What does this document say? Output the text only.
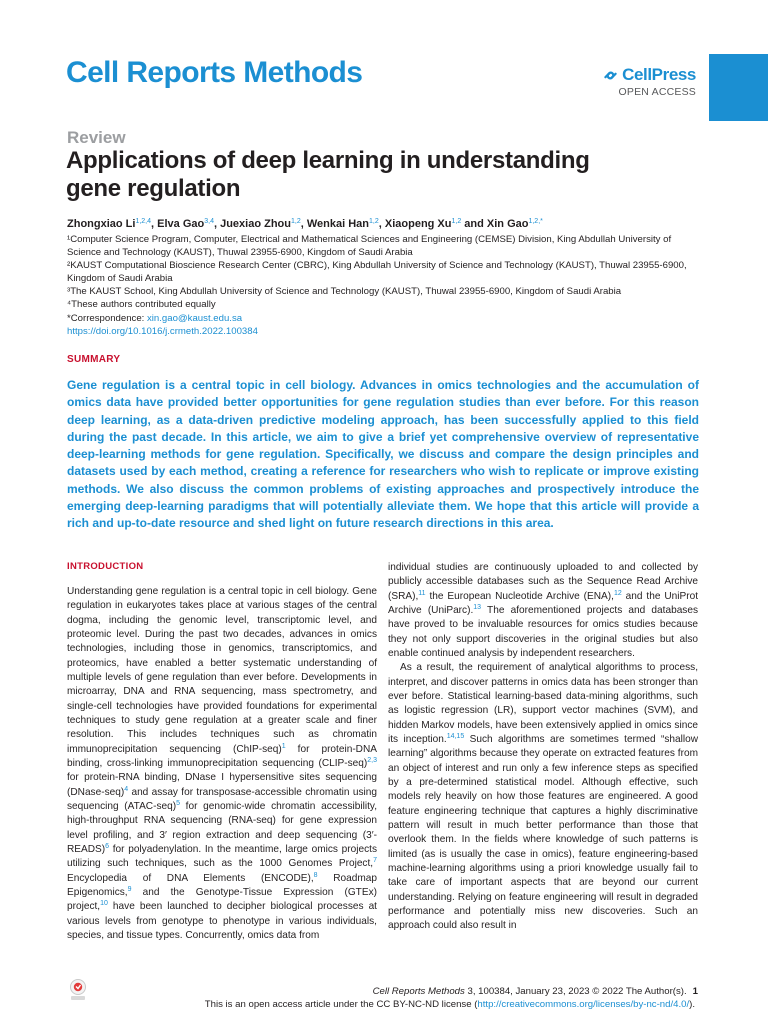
Cell Reports Methods	CellPress
OPEN ACCESS
Review
Applications of deep learning in understanding gene regulation
Zhongxiao Li$^{1,2,4}$, Elva Gao$^{3,4}$, Juexiao Zhou$^{1,2}$, Wenkai Han$^{1,2}$, Xiaopeng Xu$^{1,2}$ and Xin Gao$^{1,2,*}$
¹Computer Science Program, Computer, Electrical and Mathematical Sciences and Engineering (CEMSE) Division, King Abdullah University of Science and Technology (KAUST), Thuwal 23955-6900, Kingdom of Saudi Arabia
²KAUST Computational Bioscience Research Center (CBRC), King Abdullah University of Science and Technology (KAUST), Thuwal 23955-6900, Kingdom of Saudi Arabia
³The KAUST School, King Abdullah University of Science and Technology (KAUST), Thuwal 23955-6900, Kingdom of Saudi Arabia
⁴These authors contributed equally
*Correspondence: xin.gao@kaust.edu.sa
https://doi.org/10.1016/j.crmeth.2022.100384
SUMMARY
Gene regulation is a central topic in cell biology. Advances in omics technologies and the accumulation of omics data have provided better opportunities for gene regulation studies than ever before. For this reason deep learning, as a data-driven predictive modeling approach, has been successfully applied to this field during the past decade. In this article, we aim to give a brief yet comprehensive overview of representative deep-learning methods for gene regulation. Specifically, we discuss and compare the design principles and datasets used by each method, creating a reference for researchers who wish to replicate or improve existing methods. We also discuss the common problems of existing approaches and prospectively introduce the emerging deep-learning paradigms that will potentially alleviate them. We hope that this article will provide a rich and up-to-date resource and shed light on future research directions in this area.
INTRODUCTION

Understanding gene regulation is a central topic in cell biology. Gene regulation in eukaryotes takes place at various stages of the central dogma, including the genomic level, transcriptomic level, and proteomic level. During the past two decades, advances in omics technologies, including those in genomics, transcriptomics, and proteomics, have enabled a better systematic understanding of multiple levels of gene regulation than ever before. Developments in microarray, DNA and RNA sequencing, mass spectrometry, and single-cell technologies have provided foundations for experimental techniques to study gene regulation at a greater scale and finer resolution. This includes techniques such as chromatin immunoprecipitation sequencing (ChIP-seq)$^1$ for protein-DNA binding, cross-linking immunoprecipitation sequencing (CLIP-seq)$^{2,3}$ for protein-RNA binding, DNase I hypersensitive sites sequencing (DNase-seq)$^4$ and assay for transposase-accessible chromatin using sequencing (ATAC-seq)$^5$ for genomic-wide chromatin accessibility, high-throughput RNA sequencing (RNA-seq) for gene expression level profiling, and 3′ region extraction and deep sequencing (3′-READS)$^6$ for polyadenylation. In the meantime, large omics projects utilizing such techniques, such as the 1000 Genomes Project,$^7$ Encyclopedia of DNA Elements (ENCODE),$^8$ Roadmap Epigenomics,$^9$ and the Genotype-Tissue Expression (GTEx) project,$^{10}$ have been launched to decipher biological processes at various levels from genotype to phenotype in various individuals, species, and tissue types. Concurrently, omics data from

individual studies are continuously uploaded to and collected by publicly accessible databases such as the Sequence Read Archive (SRA),$^{11}$ the European Nucleotide Archive (ENA),$^{12}$ and the UniProt Archive (UniParc).$^{13}$ The aforementioned projects and databases have proved to be invaluable resources for omics studies because they not only support discoveries in the original studies but also enable continued analysis by independent researchers.

As a result, the requirement of analytical algorithms to process, interpret, and discover patterns in omics data has been stronger than ever before. Statistical learning-based data-mining algorithms, such as logistic regression (LR), support vector machines (SVM), and hidden Markov models, have been extensively applied in omics since its inception.$^{14,15}$ Such algorithms are sometimes termed “shallow learning” algorithms because they operate on extracted features from an object of interest and run only a few inference steps as specified by a pre-determined statistical model. Although effective, such models rely heavily on how those features are engineered. A good feature engineering technique that captures a highly discriminative pattern will result in much better performance than those that overlook them. In the fields where knowledge of such patterns is limited (as is usually the case in omics), feature engineering-based machine-learning algorithms using a priori knowledge usually fail to take care of important aspects that are beyond our current understanding. Relying on feature engineering will result in degraded performance and potentially miss new discoveries. Such an approach could also result in

Cell Reports Methods 3, 100384, January 23, 2023 © 2022 The Author(s). 1
This is an open access article under the CC BY-NC-ND license (http://creativecommons.org/licenses/by-nc-nd/4.0/).
